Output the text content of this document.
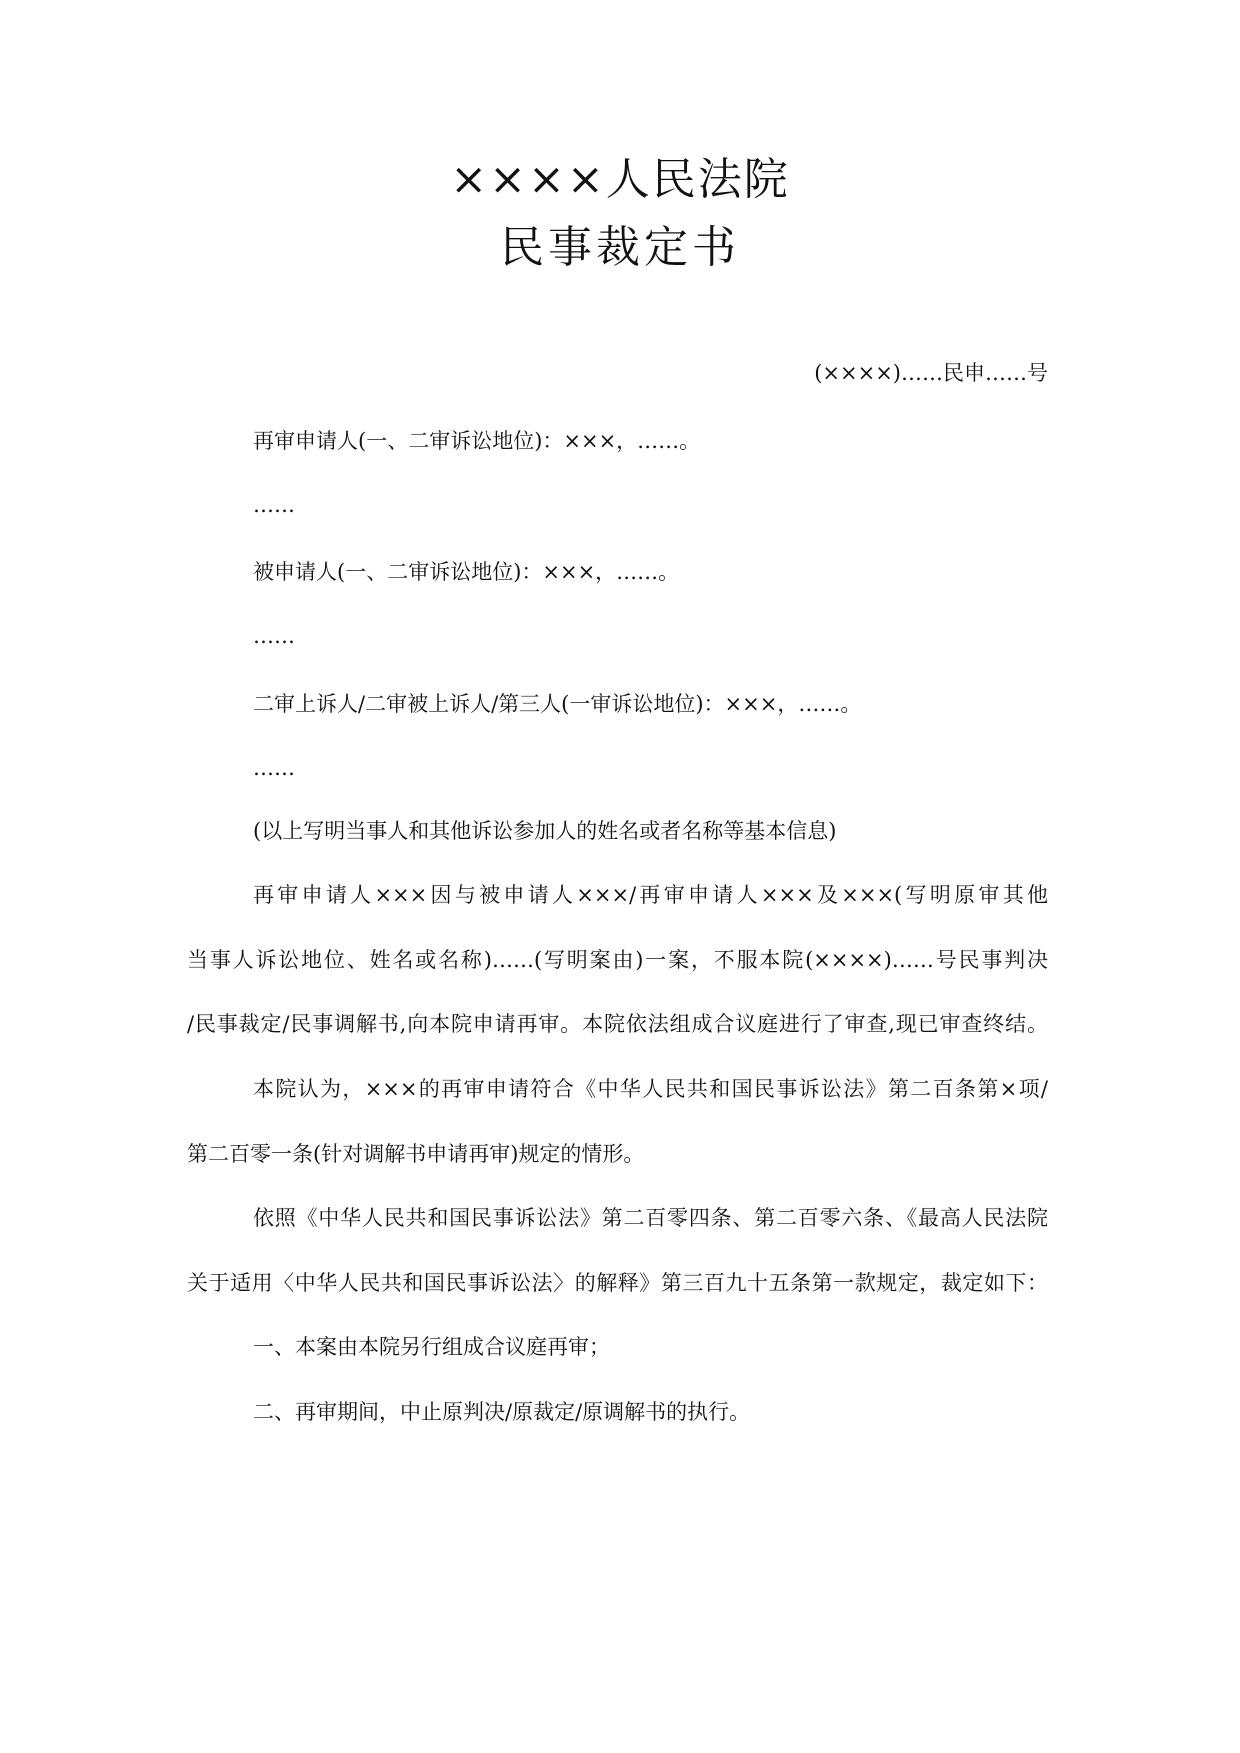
××××人民法院
民事裁定书
(××××)……民申……号
再审申请人(一、二审诉讼地位)：×××，……。
……
被申请人(一、二审诉讼地位)：×××，……。
……
二审上诉人/二审被上诉人/第三人(一审诉讼地位)：×××，……。
……
(以上写明当事人和其他诉讼参加人的姓名或者名称等基本信息)
再审申请人×××因与被申请人×××/再审申请人×××及×××(写明原审其他
当事人诉讼地位、姓名或名称)……(写明案由)一案，不服本院(××××)……号民事判决
/民事裁定/民事调解书,向本院申请再审。本院依法组成合议庭进行了审查,现已审查终结。
本院认为，×××的再审申请符合《中华人民共和国民事诉讼法》第二百条第×项/
第二百零一条(针对调解书申请再审)规定的情形。
依照《中华人民共和国民事诉讼法》第二百零四条、第二百零六条、《最高人民法院
关于适用〈中华人民共和国民事诉讼法〉的解释》第三百九十五条第一款规定，裁定如下：
一、本案由本院另行组成合议庭再审；
二、再审期间，中止原判决/原裁定/原调解书的执行。
